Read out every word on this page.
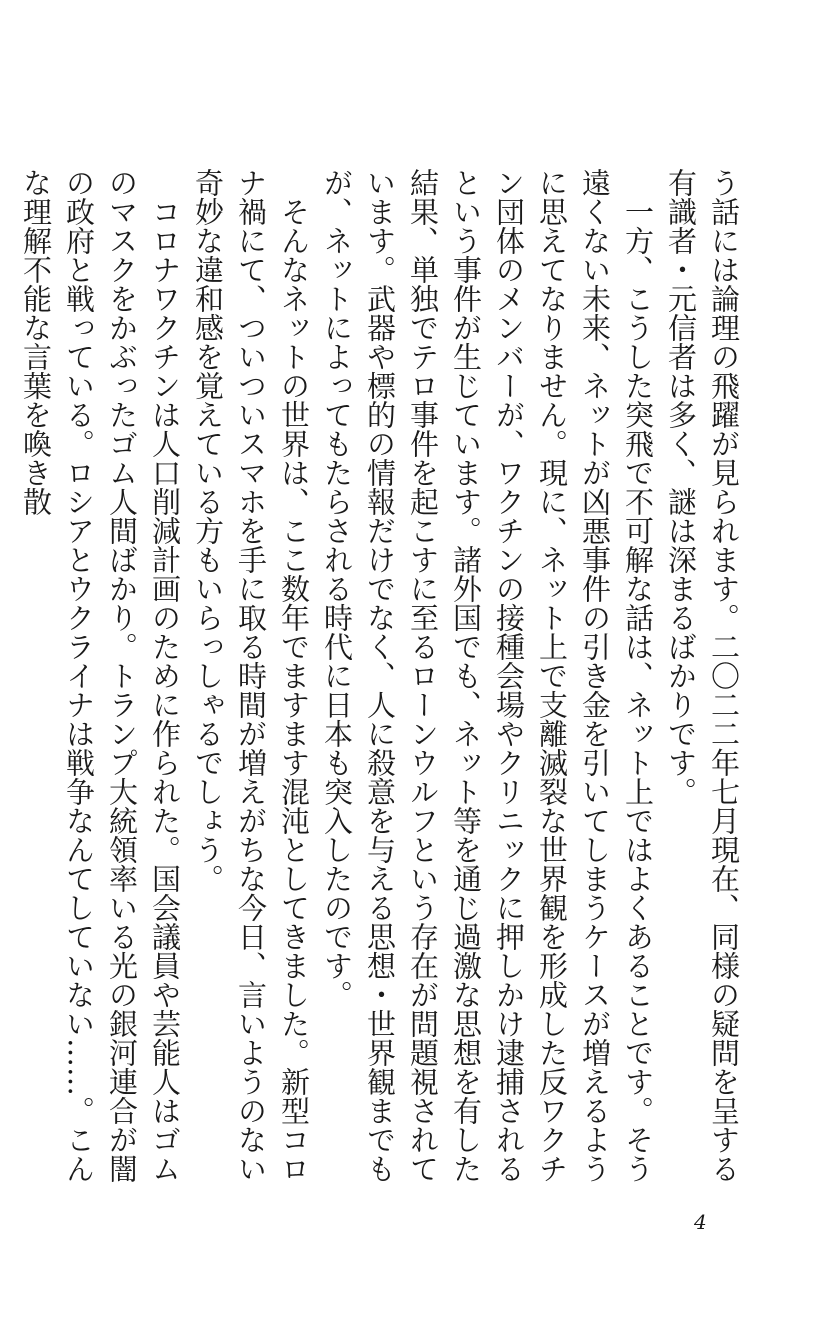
う話には論理の飛躍が見られます。二〇二二年七月現在、同様の疑問を呈する有識者・元信者は多く、謎は深まるばかりです。

一方、こうした突飛で不可解な話は、ネット上ではよくあることです。そう遠くない未来、ネットが凶悪事件の引き金を引いてしまうケースが増えるように思えてなりません。現に、ネット上で支離滅裂な世界観を形成した反ワクチン団体のメンバーが、ワクチンの接種会場やクリニックに押しかけ逮捕されるという事件が生じています。諸外国でも、ネット等を通じ過激な思想を有した結果、単独でテロ事件を起こすに至るローンウルフという存在が問題視されています。武器や標的の情報だけでなく、人に殺意を与える思想・世界観までもが、ネットによってもたらされる時代に日本も突入したのです。

そんなネットの世界は、ここ数年でますます混沌としてきました。新型コロナ禍にて、ついついスマホを手に取る時間が増えがちな今日、言いようのない奇妙な違和感を覚えている方もいらっしゃるでしょう。

コロナワクチンは人口削減計画のために作られた。国会議員や芸能人はゴムのマスクをかぶったゴム人間ばかり。トランプ大統領率いる光の銀河連合が闇の政府と戦っている。ロシアとウクライナは戦争なんてしていない……。こんな理解不能な言葉を喚き散

4
